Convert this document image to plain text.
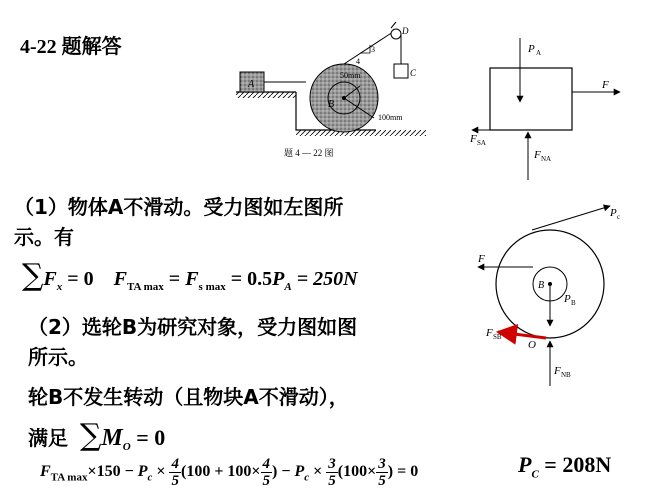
4-22 题解答
A
B
50mm
100mm
D
C
3
4
题 4 — 22 图
P A
F
F SA
F NA
B
P c
F
P B
F SB
O
F NB
（1）物体A不滑动。受力图如左图所
示。有
$\sum F_x = 0$ $F_{TA max} = F_{s max} = 0.5P_A = 250N$
（2）选轮B为研究对象，受力图如图
所示。
轮B不发生转动（且物块A不滑动），
满足 $\sum M_O = 0$
$F_{TA max}\times 150 - P_c \times \frac{4}{5} (100 + 100\times \frac{4}{5}$ ) − $P_c \times \frac{3}{5} (100\times \frac{3}{5}$ ) = 0	$P_C = 208N$
